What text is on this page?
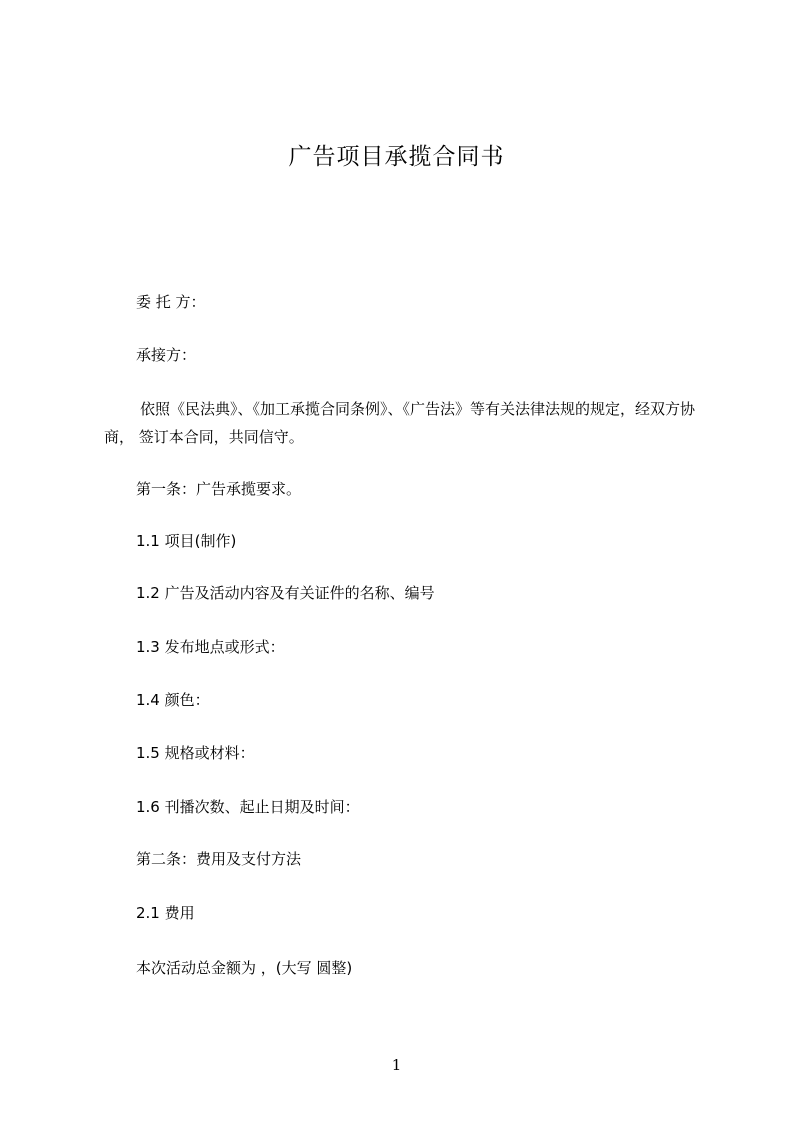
广告项目承揽合同书
委 托 方：
承接方：
依照《民法典》、《加工承揽合同条例》、《广告法》等有关法律法规的规定，经双方协商， 签订本合同，共同信守。
第一条：广告承揽要求。
1.1 项目(制作)
1.2 广告及活动内容及有关证件的名称、编号
1.3 发布地点或形式：
1.4 颜色：
1.5 规格或材料：
1.6 刊播次数、起止日期及时间：
第二条：费用及支付方法
2.1 费用
本次活动总金额为 ，(大写 圆整)
1
